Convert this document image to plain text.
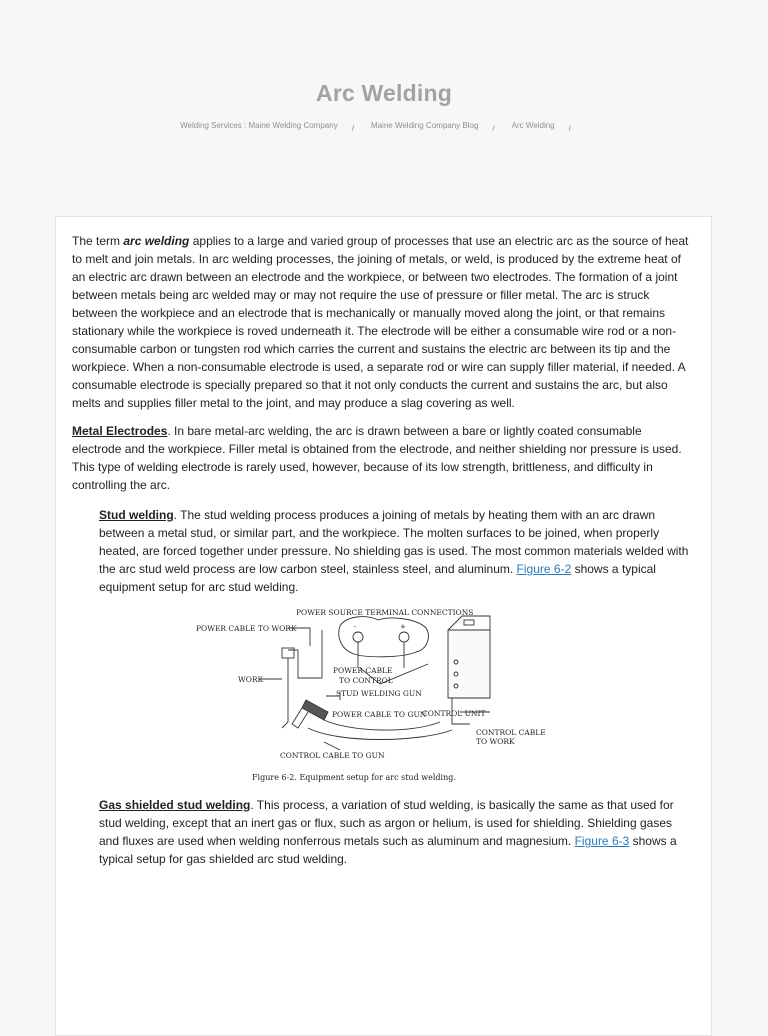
Arc Welding
Welding Services : Maine Welding Company / Maine Welding Company Blog / Arc Welding /

The term arc welding applies to a large and varied group of processes that use an electric arc as the source of heat to melt and join metals. In arc welding processes, the joining of metals, or weld, is produced by the extreme heat of an electric arc drawn between an electrode and the workpiece, or between two electrodes. The formation of a joint between metals being arc welded may or may not require the use of pressure or filler metal. The arc is struck between the workpiece and an electrode that is mechanically or manually moved along the joint, or that remains stationary while the workpiece is roved underneath it. The electrode will be either a consumable wire rod or a non-consumable carbon or tungsten rod which carries the current and sustains the electric arc between its tip and the workpiece. When a non-consumable electrode is used, a separate rod or wire can supply filler material, if needed. A consumable electrode is specially prepared so that it not only conducts the current and sustains the arc, but also melts and supplies filler metal to the joint, and may produce a slag covering as well.

Metal Electrodes. In bare metal-arc welding, the arc is drawn between a bare or lightly coated consumable electrode and the workpiece. Filler metal is obtained from the electrode, and neither shielding nor pressure is used. This type of welding electrode is rarely used, however, because of its low strength, brittleness, and difficulty in controlling the arc.

Stud welding. The stud welding process produces a joining of metals by heating them with an arc drawn between a metal stud, or similar part, and the workpiece. The molten surfaces to be joined, when properly heated, are forced together under pressure. No shielding gas is used. The most common materials welded with the arc stud weld process are low carbon steel, stainless steel, and aluminum. Figure 6-2 shows a typical equipment setup for arc stud welding.

POWER SOURCE TERMINAL CONNECTIONS
POWER CABLE TO WORK
WORK
POWER CABLE
TO CONTROL
STUD WELDING GUN
POWER CABLE TO GUN
CONTROL UNIT
CONTROL CABLE
TO WORK
CONTROL CABLE TO GUN
Figure 6-2. Equipment setup for arc stud welding.
-	+

Gas shielded stud welding. This process, a variation of stud welding, is basically the same as that used for stud welding, except that an inert gas or flux, such as argon or helium, is used for shielding. Shielding gases and fluxes are used when welding nonferrous metals such as aluminum and magnesium. Figure 6-3 shows a typical setup for gas shielded arc stud welding.
